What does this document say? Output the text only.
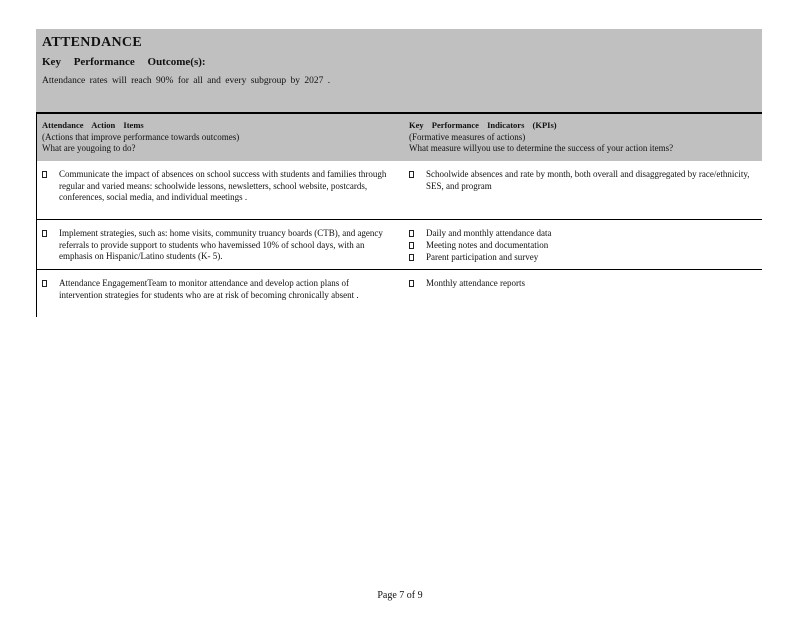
ATTENDANCE
Key Performance Outcome(s):
Attendance rates will reach 90% for all and every subgroup by 2027 .
Attendance Action Items
(Actions that improve performance towards outcomes)
What are yougoing to do?
Key Performance Indicators (KPIs)
(Formative measures of actions)
What measure willyou use to determine the success of your action items?
Communicate the impact of absences on school success with students and families through regular and varied means: schoolwide lessons, newsletters, school website, postcards, conferences, social media, and individual meetings .
Schoolwide absences and rate by month, both overall and disaggregated by race/ethnicity, SES, and program
Implement strategies, such as: home visits, community truancy boards (CTB), and agency referrals to provide support to students who havemissed 10% of school days, with an emphasis on Hispanic/Latino students (K- 5).
Daily and monthly attendance data
Meeting notes and documentation
Parent participation and survey
Attendance EngagementTeam to monitor attendance and develop action plans of intervention strategies for students who are at risk of becoming chronically absent .
Monthly attendance reports
Page 7 of 9
